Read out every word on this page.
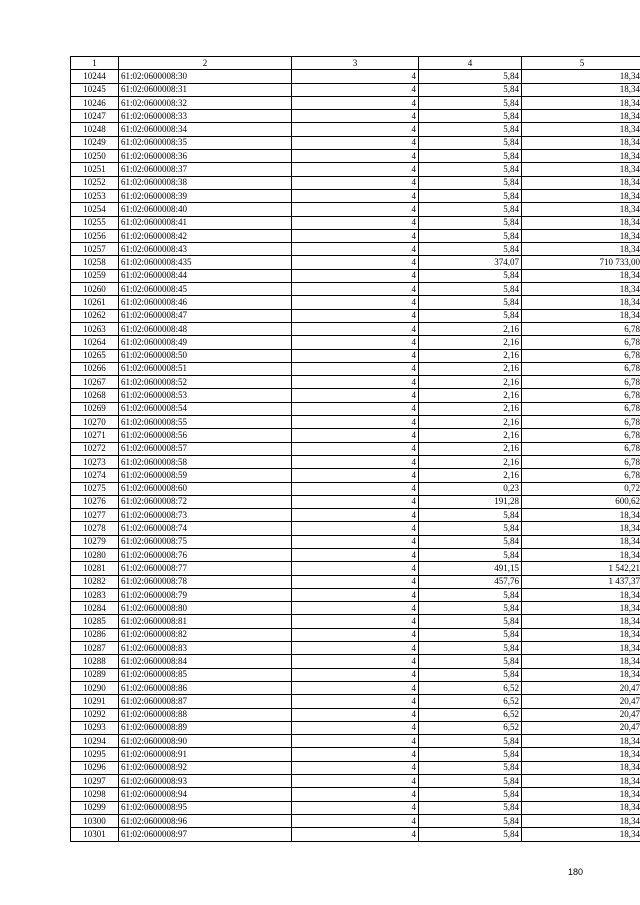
1	2	3	4	5
10244	61:02:0600008:30	4	5,84	18,34
10245	61:02:0600008:31	4	5,84	18,34
10246	61:02:0600008:32	4	5,84	18,34
10247	61:02:0600008:33	4	5,84	18,34
10248	61:02:0600008:34	4	5,84	18,34
10249	61:02:0600008:35	4	5,84	18,34
10250	61:02:0600008:36	4	5,84	18,34
10251	61:02:0600008:37	4	5,84	18,34
10252	61:02:0600008:38	4	5,84	18,34
10253	61:02:0600008:39	4	5,84	18,34
10254	61:02:0600008:40	4	5,84	18,34
10255	61:02:0600008:41	4	5,84	18,34
10256	61:02:0600008:42	4	5,84	18,34
10257	61:02:0600008:43	4	5,84	18,34
10258	61:02:0600008:435	4	374,07	710 733,00
10259	61:02:0600008:44	4	5,84	18,34
10260	61:02:0600008:45	4	5,84	18,34
10261	61:02:0600008:46	4	5,84	18,34
10262	61:02:0600008:47	4	5,84	18,34
10263	61:02:0600008:48	4	2,16	6,78
10264	61:02:0600008:49	4	2,16	6,78
10265	61:02:0600008:50	4	2,16	6,78
10266	61:02:0600008:51	4	2,16	6,78
10267	61:02:0600008:52	4	2,16	6,78
10268	61:02:0600008:53	4	2,16	6,78
10269	61:02:0600008:54	4	2,16	6,78
10270	61:02:0600008:55	4	2,16	6,78
10271	61:02:0600008:56	4	2,16	6,78
10272	61:02:0600008:57	4	2,16	6,78
10273	61:02:0600008:58	4	2,16	6,78
10274	61:02:0600008:59	4	2,16	6,78
10275	61:02:0600008:60	4	0,23	0,72
10276	61:02:0600008:72	4	191,28	600,62
10277	61:02:0600008:73	4	5,84	18,34
10278	61:02:0600008:74	4	5,84	18,34
10279	61:02:0600008:75	4	5,84	18,34
10280	61:02:0600008:76	4	5,84	18,34
10281	61:02:0600008:77	4	491,15	1 542,21
10282	61:02:0600008:78	4	457,76	1 437,37
10283	61:02:0600008:79	4	5,84	18,34
10284	61:02:0600008:80	4	5,84	18,34
10285	61:02:0600008:81	4	5,84	18,34
10286	61:02:0600008:82	4	5,84	18,34
10287	61:02:0600008:83	4	5,84	18,34
10288	61:02:0600008:84	4	5,84	18,34
10289	61:02:0600008:85	4	5,84	18,34
10290	61:02:0600008:86	4	6,52	20,47
10291	61:02:0600008:87	4	6,52	20,47
10292	61:02:0600008:88	4	6,52	20,47
10293	61:02:0600008:89	4	6,52	20,47
10294	61:02:0600008:90	4	5,84	18,34
10295	61:02:0600008:91	4	5,84	18,34
10296	61:02:0600008:92	4	5,84	18,34
10297	61:02:0600008:93	4	5,84	18,34
10298	61:02:0600008:94	4	5,84	18,34
10299	61:02:0600008:95	4	5,84	18,34
10300	61:02:0600008:96	4	5,84	18,34
10301	61:02:0600008:97	4	5,84	18,34
180
